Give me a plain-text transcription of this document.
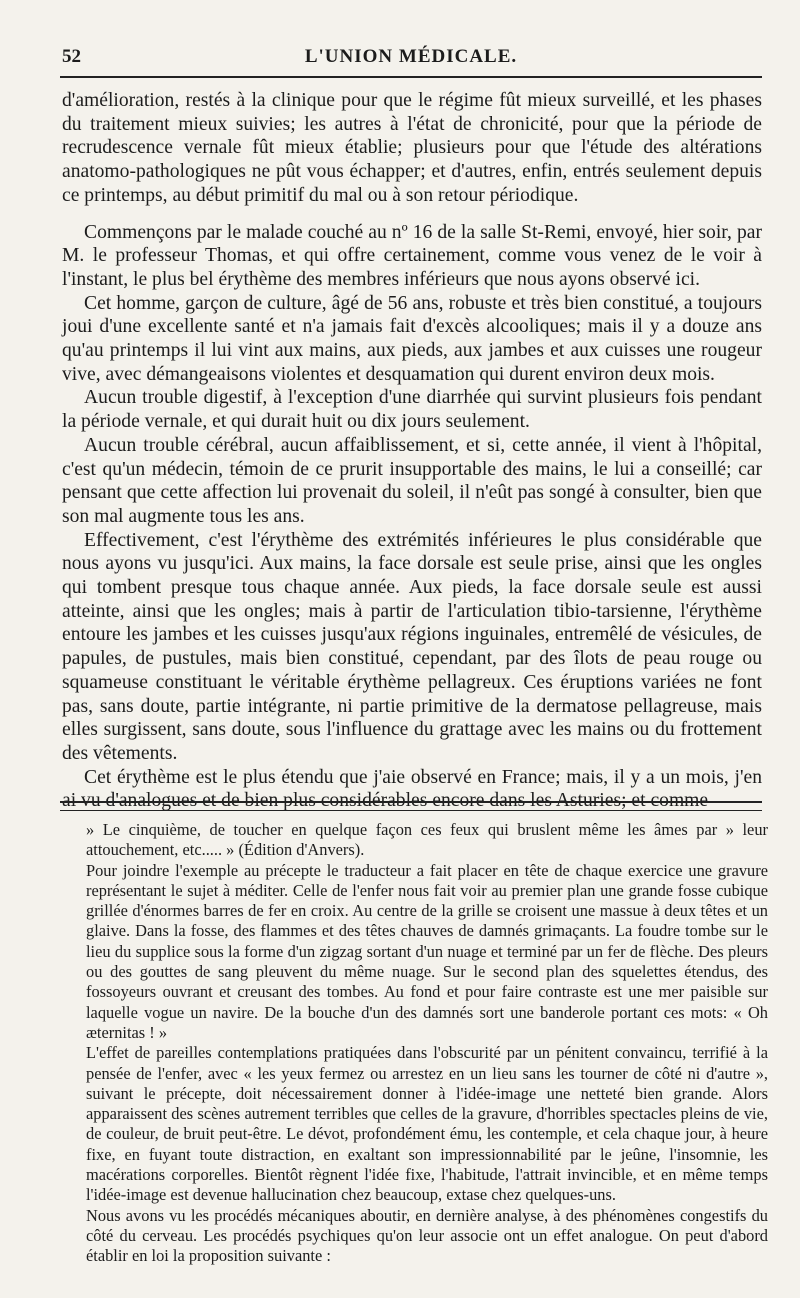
52	L'UNION MÉDICALE.

d'amélioration, restés à la clinique pour que le régime fût mieux surveillé, et les phases du traitement mieux suivies; les autres à l'état de chronicité, pour que la période de recrudescence vernale fût mieux établie; plusieurs pour que l'étude des altérations anatomo-pathologiques ne pût vous échapper; et d'autres, enfin, entrés seulement depuis ce printemps, au début primitif du mal ou à son retour périodique.

Commençons par le malade couché au nº 16 de la salle St-Remi, envoyé, hier soir, par M. le professeur Thomas, et qui offre certainement, comme vous venez de le voir à l'instant, le plus bel érythème des membres inférieurs que nous ayons observé ici.

Cet homme, garçon de culture, âgé de 56 ans, robuste et très bien constitué, a toujours joui d'une excellente santé et n'a jamais fait d'excès alcooliques; mais il y a douze ans qu'au printemps il lui vint aux mains, aux pieds, aux jambes et aux cuisses une rougeur vive, avec démangeaisons violentes et desquamation qui durent environ deux mois.

Aucun trouble digestif, à l'exception d'une diarrhée qui survint plusieurs fois pendant la période vernale, et qui durait huit ou dix jours seulement.

Aucun trouble cérébral, aucun affaiblissement, et si, cette année, il vient à l'hôpital, c'est qu'un médecin, témoin de ce prurit insupportable des mains, le lui a conseillé; car pensant que cette affection lui provenait du soleil, il n'eût pas songé à consulter, bien que son mal augmente tous les ans.

Effectivement, c'est l'érythème des extrémités inférieures le plus considérable que nous ayons vu jusqu'ici. Aux mains, la face dorsale est seule prise, ainsi que les ongles qui tombent presque tous chaque année. Aux pieds, la face dorsale seule est aussi atteinte, ainsi que les ongles; mais à partir de l'articulation tibio-tarsienne, l'érythème entoure les jambes et les cuisses jusqu'aux régions inguinales, entremêlé de vésicules, de papules, de pustules, mais bien constitué, cependant, par des îlots de peau rouge ou squameuse constituant le véritable érythème pellagreux. Ces éruptions variées ne font pas, sans doute, partie intégrante, ni partie primitive de la dermatose pellagreuse, mais elles surgissent, sans doute, sous l'influence du grattage avec les mains ou du frottement des vêtements.

Cet érythème est le plus étendu que j'aie observé en France; mais, il y a un mois, j'en ai vu d'analogues et de bien plus considérables encore dans les Asturies; et comme

» Le cinquième, de toucher en quelque façon ces feux qui bruslent même les âmes par » leur attouchement, etc..... » (Édition d'Anvers).

Pour joindre l'exemple au précepte le traducteur a fait placer en tête de chaque exercice une gravure représentant le sujet à méditer. Celle de l'enfer nous fait voir au premier plan une grande fosse cubique grillée d'énormes barres de fer en croix. Au centre de la grille se croisent une massue à deux têtes et un glaive. Dans la fosse, des flammes et des têtes chauves de damnés grimaçants. La foudre tombe sur le lieu du supplice sous la forme d'un zigzag sortant d'un nuage et terminé par un fer de flèche. Des pleurs ou des gouttes de sang pleuvent du même nuage. Sur le second plan des squelettes étendus, des fossoyeurs ouvrant et creusant des tombes. Au fond et pour faire contraste est une mer paisible sur laquelle vogue un navire. De la bouche d'un des damnés sort une banderole portant ces mots: « Oh æternitas ! »

L'effet de pareilles contemplations pratiquées dans l'obscurité par un pénitent convaincu, terrifié à la pensée de l'enfer, avec « les yeux fermez ou arrestez en un lieu sans les tourner de côté ni d'autre », suivant le précepte, doit nécessairement donner à l'idée-image une netteté bien grande. Alors apparaissent des scènes autrement terribles que celles de la gravure, d'horribles spectacles pleins de vie, de couleur, de bruit peut-être. Le dévot, profondément ému, les contemple, et cela chaque jour, à heure fixe, en fuyant toute distraction, en exaltant son impressionnabilité par le jeûne, l'insomnie, les macérations corporelles. Bientôt règnent l'idée fixe, l'habitude, l'attrait invincible, et en même temps l'idée-image est devenue hallucination chez beaucoup, extase chez quelques-uns.

Nous avons vu les procédés mécaniques aboutir, en dernière analyse, à des phénomènes congestifs du côté du cerveau. Les procédés psychiques qu'on leur associe ont un effet analogue. On peut d'abord établir en loi la proposition suivante :
